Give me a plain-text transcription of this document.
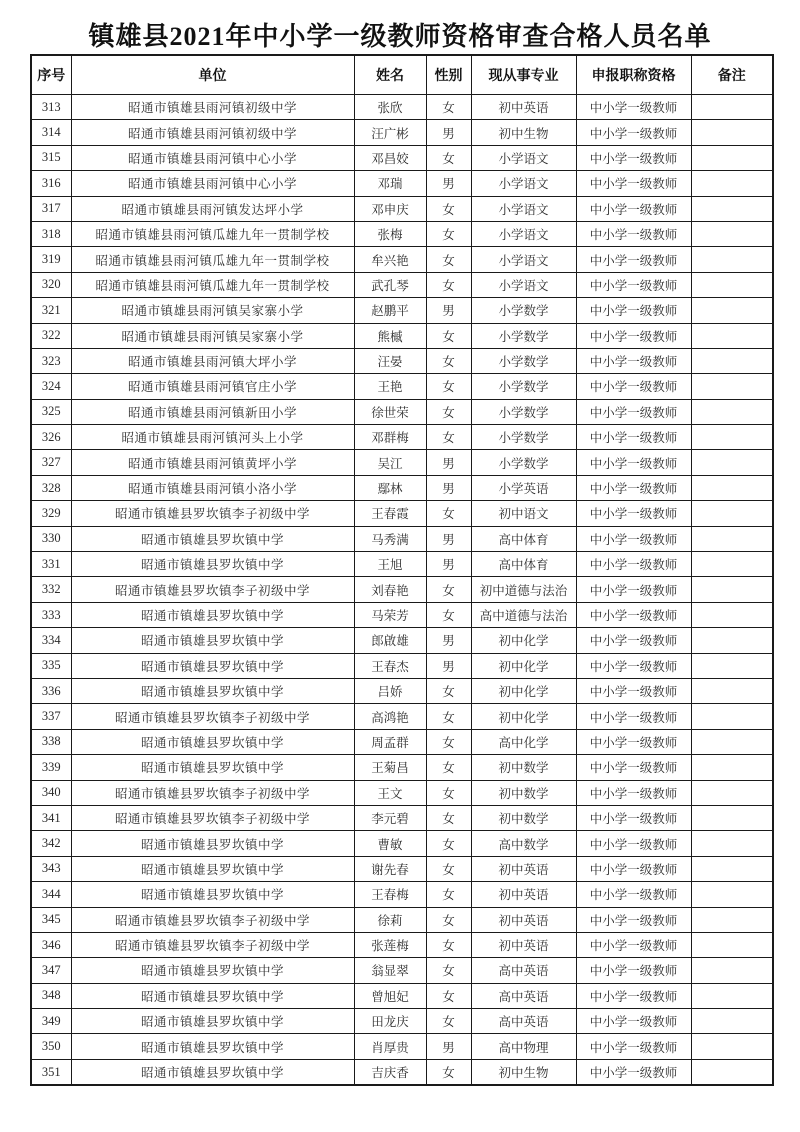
镇雄县2021年中小学一级教师资格审查合格人员名单
序号	单位	姓名	性别	现从事专业	申报职称资格	备注
313	昭通市镇雄县雨河镇初级中学	张欣	女	初中英语	中小学一级教师	
314	昭通市镇雄县雨河镇初级中学	汪广彬	男	初中生物	中小学一级教师	
315	昭通市镇雄县雨河镇中心小学	邓昌姣	女	小学语文	中小学一级教师	
316	昭通市镇雄县雨河镇中心小学	邓瑞	男	小学语文	中小学一级教师	
317	昭通市镇雄县雨河镇发达坪小学	邓申庆	女	小学语文	中小学一级教师	
318	昭通市镇雄县雨河镇瓜雄九年一贯制学校	张梅	女	小学语文	中小学一级教师	
319	昭通市镇雄县雨河镇瓜雄九年一贯制学校	牟兴艳	女	小学语文	中小学一级教师	
320	昭通市镇雄县雨河镇瓜雄九年一贯制学校	武孔琴	女	小学语文	中小学一级教师	
321	昭通市镇雄县雨河镇吴家寨小学	赵鹏平	男	小学数学	中小学一级教师	
322	昭通市镇雄县雨河镇吴家寨小学	熊槭	女	小学数学	中小学一级教师	
323	昭通市镇雄县雨河镇大坪小学	汪晏	女	小学数学	中小学一级教师	
324	昭通市镇雄县雨河镇官庄小学	王艳	女	小学数学	中小学一级教师	
325	昭通市镇雄县雨河镇新田小学	徐世荣	女	小学数学	中小学一级教师	
326	昭通市镇雄县雨河镇河头上小学	邓群梅	女	小学数学	中小学一级教师	
327	昭通市镇雄县雨河镇黄坪小学	吴江	男	小学数学	中小学一级教师	
328	昭通市镇雄县雨河镇小洛小学	鄢林	男	小学英语	中小学一级教师	
329	昭通市镇雄县罗坎镇李子初级中学	王春霞	女	初中语文	中小学一级教师	
330	昭通市镇雄县罗坎镇中学	马秀满	男	高中体育	中小学一级教师	
331	昭通市镇雄县罗坎镇中学	王旭	男	高中体育	中小学一级教师	
332	昭通市镇雄县罗坎镇李子初级中学	刘春艳	女	初中道德与法治	中小学一级教师	
333	昭通市镇雄县罗坎镇中学	马荣芳	女	高中道德与法治	中小学一级教师	
334	昭通市镇雄县罗坎镇中学	郎啟雄	男	初中化学	中小学一级教师	
335	昭通市镇雄县罗坎镇中学	王春杰	男	初中化学	中小学一级教师	
336	昭通市镇雄县罗坎镇中学	吕娇	女	初中化学	中小学一级教师	
337	昭通市镇雄县罗坎镇李子初级中学	高鸿艳	女	初中化学	中小学一级教师	
338	昭通市镇雄县罗坎镇中学	周孟群	女	高中化学	中小学一级教师	
339	昭通市镇雄县罗坎镇中学	王菊昌	女	初中数学	中小学一级教师	
340	昭通市镇雄县罗坎镇李子初级中学	王文	女	初中数学	中小学一级教师	
341	昭通市镇雄县罗坎镇李子初级中学	李元碧	女	初中数学	中小学一级教师	
342	昭通市镇雄县罗坎镇中学	曹敏	女	高中数学	中小学一级教师	
343	昭通市镇雄县罗坎镇中学	谢先春	女	初中英语	中小学一级教师	
344	昭通市镇雄县罗坎镇中学	王春梅	女	初中英语	中小学一级教师	
345	昭通市镇雄县罗坎镇李子初级中学	徐莉	女	初中英语	中小学一级教师	
346	昭通市镇雄县罗坎镇李子初级中学	张莲梅	女	初中英语	中小学一级教师	
347	昭通市镇雄县罗坎镇中学	翁显翠	女	高中英语	中小学一级教师	
348	昭通市镇雄县罗坎镇中学	曾旭妃	女	高中英语	中小学一级教师	
349	昭通市镇雄县罗坎镇中学	田龙庆	女	高中英语	中小学一级教师	
350	昭通市镇雄县罗坎镇中学	肖厚贵	男	高中物理	中小学一级教师	
351	昭通市镇雄县罗坎镇中学	吉庆香	女	初中生物	中小学一级教师	
